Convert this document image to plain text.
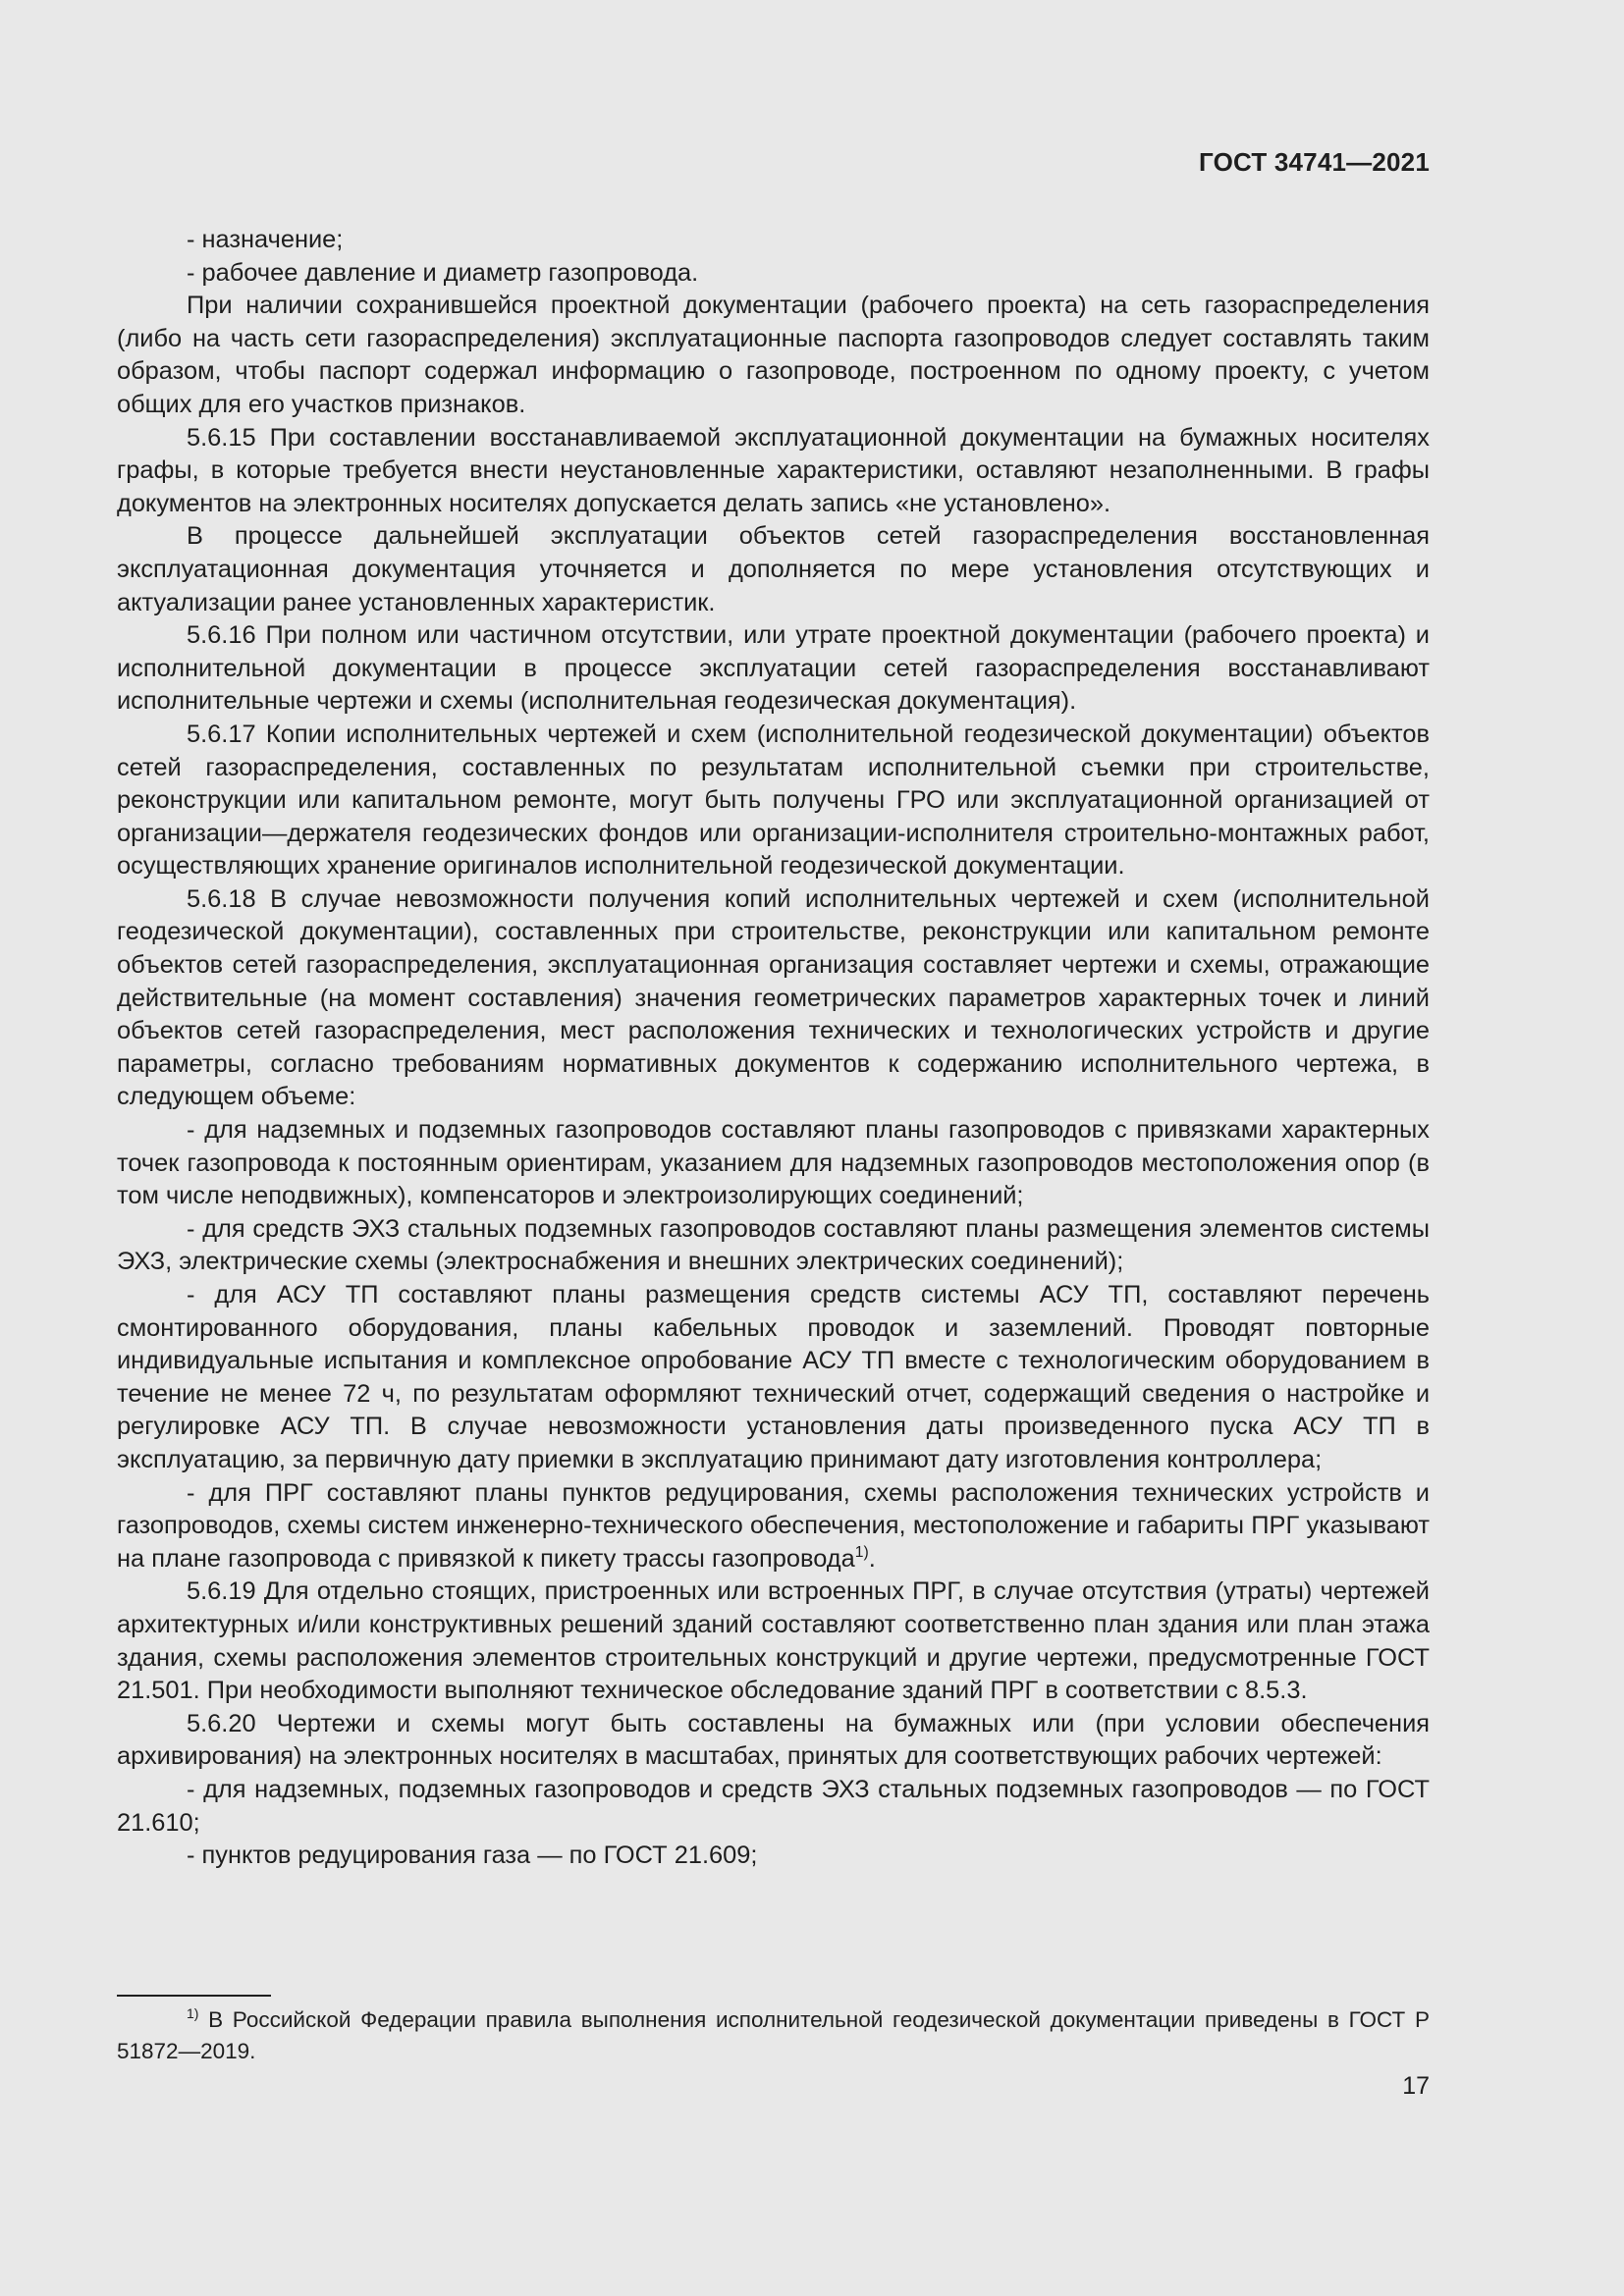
ГОСТ 34741—2021

- назначение;

- рабочее давление и диаметр газопровода.

При наличии сохранившейся проектной документации (рабочего проекта) на сеть газораспределения (либо на часть сети газораспределения) эксплуатационные паспорта газопроводов следует составлять таким образом, чтобы паспорт содержал информацию о газопроводе, построенном по одному проекту, с учетом общих для его участков признаков.

5.6.15 При составлении восстанавливаемой эксплуатационной документации на бумажных носителях графы, в которые требуется внести неустановленные характеристики, оставляют незаполненными. В графы документов на электронных носителях допускается делать запись «не установлено».

В процессе дальнейшей эксплуатации объектов сетей газораспределения восстановленная эксплуатационная документация уточняется и дополняется по мере установления отсутствующих и актуализации ранее установленных характеристик.

5.6.16 При полном или частичном отсутствии, или утрате проектной документации (рабочего проекта) и исполнительной документации в процессе эксплуатации сетей газораспределения восстанавливают исполнительные чертежи и схемы (исполнительная геодезическая документация).

5.6.17 Копии исполнительных чертежей и схем (исполнительной геодезической документации) объектов сетей газораспределения, составленных по результатам исполнительной съемки при строительстве, реконструкции или капитальном ремонте, могут быть получены ГРО или эксплуатационной организацией от организации—держателя геодезических фондов или организации-исполнителя строительно-монтажных работ, осуществляющих хранение оригиналов исполнительной геодезической документации.

5.6.18 В случае невозможности получения копий исполнительных чертежей и схем (исполнительной геодезической документации), составленных при строительстве, реконструкции или капитальном ремонте объектов сетей газораспределения, эксплуатационная организация составляет чертежи и схемы, отражающие действительные (на момент составления) значения геометрических параметров характерных точек и линий объектов сетей газораспределения, мест расположения технических и технологических устройств и другие параметры, согласно требованиям нормативных документов к содержанию исполнительного чертежа, в следующем объеме:

- для надземных и подземных газопроводов составляют планы газопроводов с привязками характерных точек газопровода к постоянным ориентирам, указанием для надземных газопроводов местоположения опор (в том числе неподвижных), компенсаторов и электроизолирующих соединений;

- для средств ЭХЗ стальных подземных газопроводов составляют планы размещения элементов системы ЭХЗ, электрические схемы (электроснабжения и внешних электрических соединений);

- для АСУ ТП составляют планы размещения средств системы АСУ ТП, составляют перечень смонтированного оборудования, планы кабельных проводок и заземлений. Проводят повторные индивидуальные испытания и комплексное опробование АСУ ТП вместе с технологическим оборудованием в течение не менее 72 ч, по результатам оформляют технический отчет, содержащий сведения о настройке и регулировке АСУ ТП. В случае невозможности установления даты произведенного пуска АСУ ТП в эксплуатацию, за первичную дату приемки в эксплуатацию принимают дату изготовления контроллера;

- для ПРГ составляют планы пунктов редуцирования, схемы расположения технических устройств и газопроводов, схемы систем инженерно-технического обеспечения, местоположение и габариты ПРГ указывают на плане газопровода с привязкой к пикету трассы газопровода$^{1)}$.

5.6.19 Для отдельно стоящих, пристроенных или встроенных ПРГ, в случае отсутствия (утраты) чертежей архитектурных и/или конструктивных решений зданий составляют соответственно план здания или план этажа здания, схемы расположения элементов строительных конструкций и другие чертежи, предусмотренные ГОСТ 21.501. При необходимости выполняют техническое обследование зданий ПРГ в соответствии с 8.5.3.

5.6.20 Чертежи и схемы могут быть составлены на бумажных или (при условии обеспечения архивирования) на электронных носителях в масштабах, принятых для соответствующих рабочих чертежей:

- для надземных, подземных газопроводов и средств ЭХЗ стальных подземных газопроводов — по ГОСТ 21.610;

- пунктов редуцирования газа — по ГОСТ 21.609;

$^{1)}$ В Российской Федерации правила выполнения исполнительной геодезической документации приведены в ГОСТ Р 51872—2019.
17
